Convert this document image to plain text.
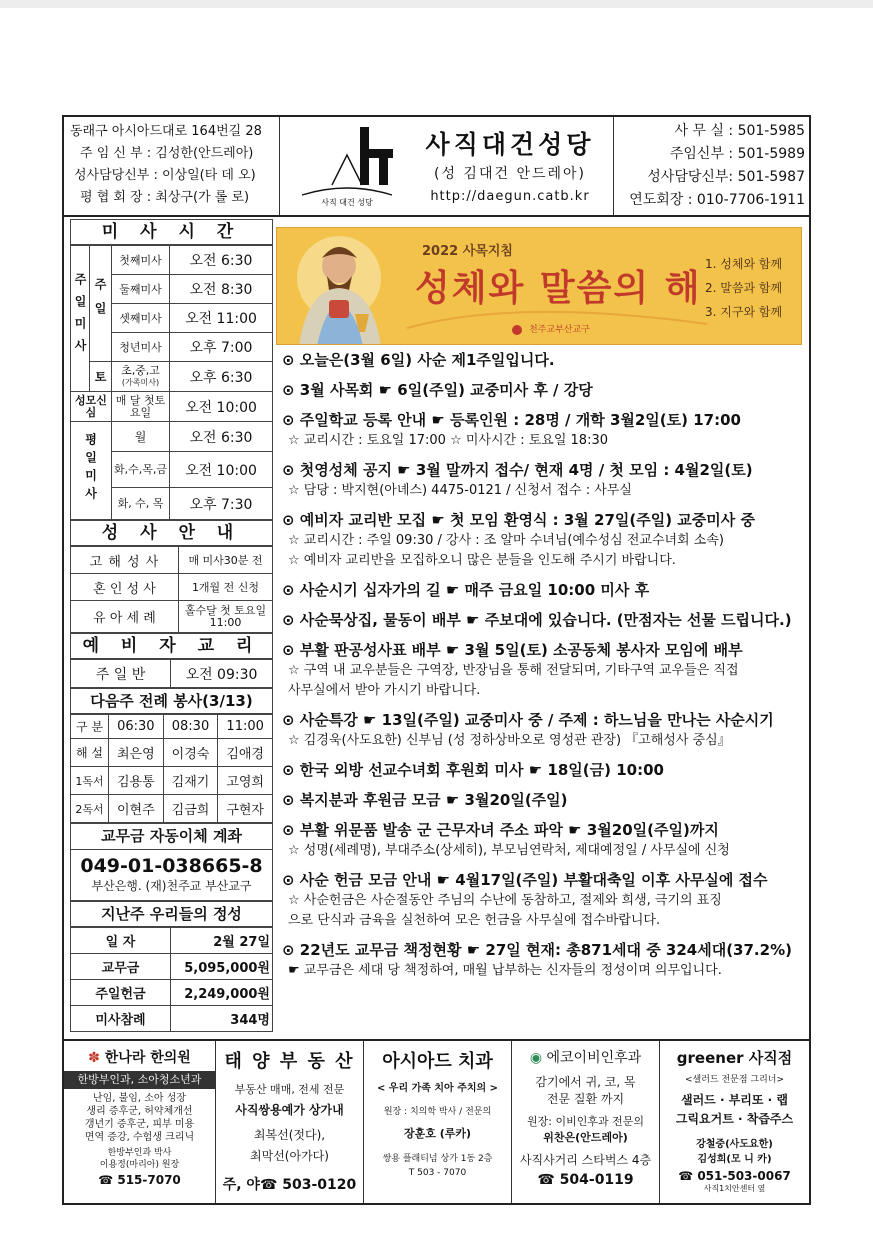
동래구 아시아드대로 164번길 28
주 임 신 부 : 김성한(안드레아)
성사담당신부 : 이상일(타 데 오)
평 협 회 장 : 최상구(가 롤 로)	사직 대건 성당
사직대건성당
(성 김대건 안드레아)
http://daegun.catb.kr
사 무 실 : 501-5985
주임신부 : 501-5989
성사담당신부: 501-5987
연도회장 : 010-7706-1911
미 사 시 간
주일미사	주일	첫째미사	오전 6:30
		둘째미사	오전 8:30
		셋째미사	오전 11:00
		청년미사	오후 7:00
	토	초,중,고
(가족미사)	오후 6:30
성모신심		매 달 첫토요일	오전 10:00
평일미사		월	오전 6:30
		화,수,목,금	오전 10:00
		화, 수, 목	오후 7:30
성 사 안 내
고 해 성 사	매 미사30분 전
혼 인 성 사	1개월 전 신청
유 아 세 례	홀수달 첫 토요일 11:00
예 비 자 교 리
주 일 반	오전 09:30
다음주 전례 봉사(3/13)
구 분	06:30	08:30	11:00
해 설	최은영	이경숙	김애경
1독서	김용통	김재기	고영희
2독서	이현주	김금희	구현자
교무금 자동이체 계좌
049-01-038665-8
부산은행. (재)천주교 부산교구
지난주 우리들의 정성
일 자	2월 27일
교무금	5,095,000원
주일헌금	2,249,000원
미사참례	344명
2022 사목지침
성체와 말씀의 해
천주교부산교구
1. 성체와 함께
2. 말씀과 함께
3. 지구와 함께
⊙ 오늘은(3월 6일) 사순 제1주일입니다.
⊙ 3월 사목회 ☛ 6일(주일) 교중미사 후 / 강당
⊙ 주일학교 등록 안내 ☛ 등록인원 : 28명 / 개학 3월2일(토) 17:00
☆ 교리시간 : 토요일 17:00 ☆ 미사시간 : 토요일 18:30
⊙ 첫영성체 공지 ☛ 3월 말까지 접수/ 현재 4명 / 첫 모임 : 4월2일(토)
☆ 담당 : 박지현(아녜스) 4475-0121 / 신청서 접수 : 사무실
⊙ 예비자 교리반 모집 ☛ 첫 모임 환영식 : 3월 27일(주일) 교중미사 중
☆ 교리시간 : 주일 09:30 / 강사 : 조 알마 수녀님(예수성심 전교수녀회 소속)
☆ 예비자 교리반을 모집하오니 많은 분들을 인도해 주시기 바랍니다.
⊙ 사순시기 십자가의 길 ☛ 매주 금요일 10:00 미사 후
⊙ 사순묵상집, 물동이 배부 ☛ 주보대에 있습니다. (만점자는 선물 드립니다.)
⊙ 부활 판공성사표 배부 ☛ 3월 5일(토) 소공동체 봉사자 모임에 배부
☆ 구역 내 교우분들은 구역장, 반장님을 통해 전달되며, 기타구역 교우들은 직접
사무실에서 받아 가시기 바랍니다.
⊙ 사순특강 ☛ 13일(주일) 교중미사 중 / 주제 : 하느님을 만나는 사순시기
☆ 김경욱(사도요한) 신부님 (성 정하상바오로 영성관 관장) 『고해성사 중심』
⊙ 한국 외방 선교수녀회 후원회 미사 ☛ 18일(금) 10:00
⊙ 복지분과 후원금 모금 ☛ 3월20일(주일)
⊙ 부활 위문품 발송 군 근무자녀 주소 파악 ☛ 3월20일(주일)까지
☆ 성명(세례명), 부대주소(상세히), 부모님연락처, 제대예정일 / 사무실에 신청
⊙ 사순 헌금 모금 안내 ☛ 4월17일(주일) 부활대축일 이후 사무실에 접수
☆ 사순헌금은 사순절동안 주님의 수난에 동참하고, 절제와 희생, 극기의 표징
으로 단식과 금육을 실천하여 모은 헌금을 사무실에 접수바랍니다.
⊙ 22년도 교무금 책정현황 ☛ 27일 현재: 총871세대 중 324세대(37.2%)
☛ 교무금은 세대 당 책정하여, 매월 납부하는 신자들의 정성이며 의무입니다.
✽ 한나라 한의원
한방부인과, 소아청소년과
난임, 불임, 소아 성장
생리 증후군, 허약체개선
갱년기 증후군, 피부 미용
면역 증강, 수험생 크리닉
한방부인과 박사
이용정(마리아) 원장
☎ 515-7070
태 양 부 동 산
부동산 매매, 전세 전문
사직쌍용예가 상가내
최복선(젓다),
최막선(아가다)
주, 야☎ 503-0120
아시아드 치과
< 우리 가족 치아 주치의 >
원장 : 치의학 박사 / 전문의
장훈호 (루카)
쌍용 플래티넘 상가 1동 2층
T 503 - 7070
◉ 에코이비인후과
감기에서 귀, 코, 목
전문 질환 까지
원장: 이비인후과 전문의
위찬은(안드레아)
사직사거리 스타벅스 4층
☎ 504-0119
greener 사직점
<샐러드 전문점 그리너>
샐러드 · 부리또 · 랩
그릭요거트 · 착즙주스
강철중(사도요한)
김성희(모 니 카)
☎ 051-503-0067
사직1치안센터 옆
